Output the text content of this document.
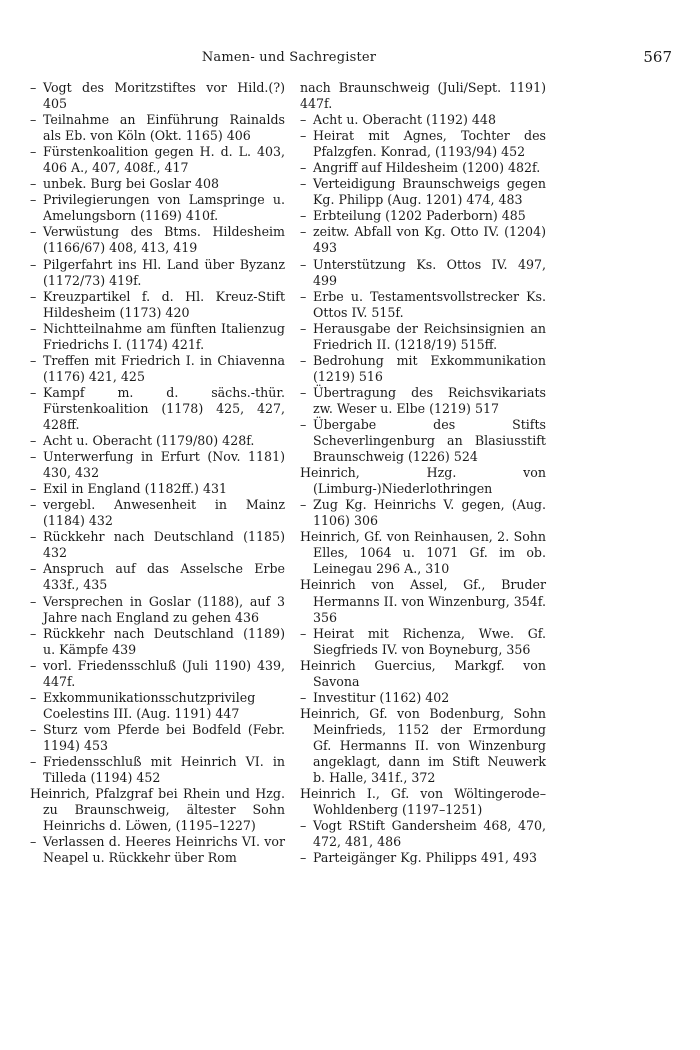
Namen- und Sachregister	567

– Vogt des Moritzstiftes vor Hild.(?) 405

– Teilnahme an Einführung Rainalds als Eb. von Köln (Okt. 1165) 406

– Fürstenkoalition gegen H. d. L. 403, 406 A., 407, 408f., 417

– unbek. Burg bei Goslar 408

– Privilegierungen von Lamspringe u. Amelungsborn (1169) 410f.

– Verwüstung des Btms. Hildesheim (1166/67) 408, 413, 419

– Pilgerfahrt ins Hl. Land über Byzanz (1172/73) 419f.

– Kreuzpartikel f. d. Hl. Kreuz-Stift Hildesheim (1173) 420

– Nichtteilnahme am fünften Italienzug Friedrichs I. (1174) 421f.

– Treffen mit Friedrich I. in Chiavenna (1176) 421, 425

– Kampf m. d. sächs.-thür. Fürstenkoalition (1178) 425, 427, 428ff.

– Acht u. Oberacht (1179/80) 428f.

– Unterwerfung in Erfurt (Nov. 1181) 430, 432

– Exil in England (1182ff.) 431

– vergebl. Anwesenheit in Mainz (1184) 432

– Rückkehr nach Deutschland (1185) 432

– Anspruch auf das Asselsche Erbe 433f., 435

– Versprechen in Goslar (1188), auf 3 Jahre nach England zu gehen 436

– Rückkehr nach Deutschland (1189) u. Kämpfe 439

– vorl. Friedensschluß (Juli 1190) 439, 447f.

– Exkommunikationsschutzprivileg Coelestins III. (Aug. 1191) 447

– Sturz vom Pferde bei Bodfeld (Febr. 1194) 453

– Friedensschluß mit Heinrich VI. in Tilleda (1194) 452

Heinrich, Pfalzgraf bei Rhein und Hzg. zu Braunschweig, ältester Sohn Heinrichs d. Löwen, (1195–1227)

– Verlassen d. Heeres Heinrichs VI. vor Neapel u. Rückkehr über Rom

nach Braunschweig (Juli/Sept. 1191) 447f.

– Acht u. Oberacht (1192) 448

– Heirat mit Agnes, Tochter des Pfalzgfen. Konrad, (1193/94) 452

– Angriff auf Hildesheim (1200) 482f.

– Verteidigung Braunschweigs gegen Kg. Philipp (Aug. 1201) 474, 483

– Erbteilung (1202 Paderborn) 485

– zeitw. Abfall von Kg. Otto IV. (1204) 493

– Unterstützung Ks. Ottos IV. 497, 499

– Erbe u. Testamentsvollstrecker Ks. Ottos IV. 515f.

– Herausgabe der Reichsinsignien an Friedrich II. (1218/19) 515ff.

– Bedrohung mit Exkommunikation (1219) 516

– Übertragung des Reichsvikariats zw. Weser u. Elbe (1219) 517

– Übergabe des Stifts Scheverlingenburg an Blasiusstift Braunschweig (1226) 524

Heinrich, Hzg. von (Limburg-)Niederlothringen

– Zug Kg. Heinrichs V. gegen, (Aug. 1106) 306

Heinrich, Gf. von Reinhausen, 2. Sohn Elles, 1064 u. 1071 Gf. im ob. Leinegau 296 A., 310

Heinrich von Assel, Gf., Bruder Hermanns II. von Winzenburg, 354f. 356

– Heirat mit Richenza, Wwe. Gf. Siegfrieds IV. von Boyneburg, 356

Heinrich Guercius, Markgf. von Savona

– Investitur (1162) 402

Heinrich, Gf. von Bodenburg, Sohn Meinfrieds, 1152 der Ermordung Gf. Hermanns II. von Winzenburg angeklagt, dann im Stift Neuwerk b. Halle, 341f., 372

Heinrich I., Gf. von Wöltingerode–Wohldenberg (1197–1251)

– Vogt RStift Gandersheim 468, 470, 472, 481, 486

– Parteigänger Kg. Philipps 491, 493
